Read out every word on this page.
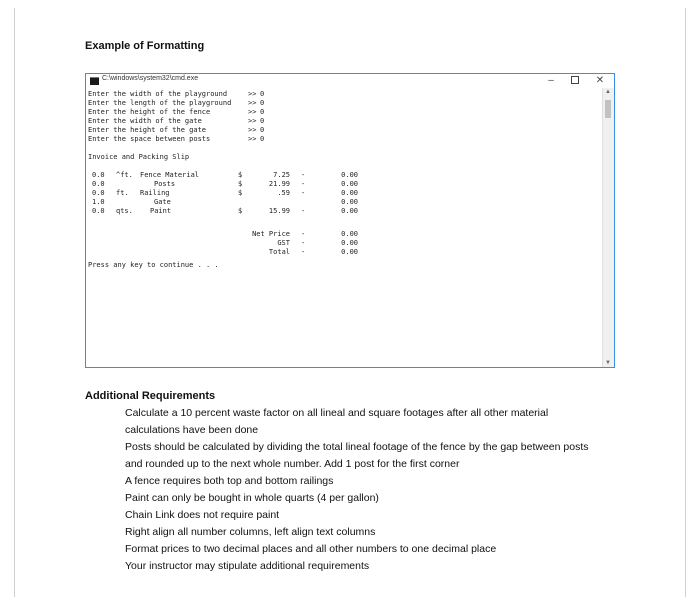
Example of Formatting
C:\windows\system32\cmd.exe	–	✕
Enter the width of the playground	>> 0
Enter the length of the playground >> 0
Enter the height of the fence	>> 0
Enter the width of the gate	>> 0
Enter the height of the gate	>> 0
Enter the space between posts	>> 0
Invoice and Packing Slip
0.0 ^ft. Fence Material	$	7.25 -	0.00
0.0	Posts	$	21.99 -	0.00
0.0 ft. Railing	$	.59 -	0.00
1.0	Gate	0.00
0.0 qts. Paint	$	15.99 -	0.00
Net Price -	0.00
GST -	0.00
Total -	0.00
Press any key to continue . . .
▲
▼
Additional Requirements
Calculate a 10 percent waste factor on all lineal and square footages after all other material calculations have been done
Posts should be calculated by dividing the total lineal footage of the fence by the gap between posts and rounded up to the next whole number. Add 1 post for the first corner
A fence requires both top and bottom railings
Paint can only be bought in whole quarts (4 per gallon)
Chain Link does not require paint
Right align all number columns, left align text columns
Format prices to two decimal places and all other numbers to one decimal place
Your instructor may stipulate additional requirements
